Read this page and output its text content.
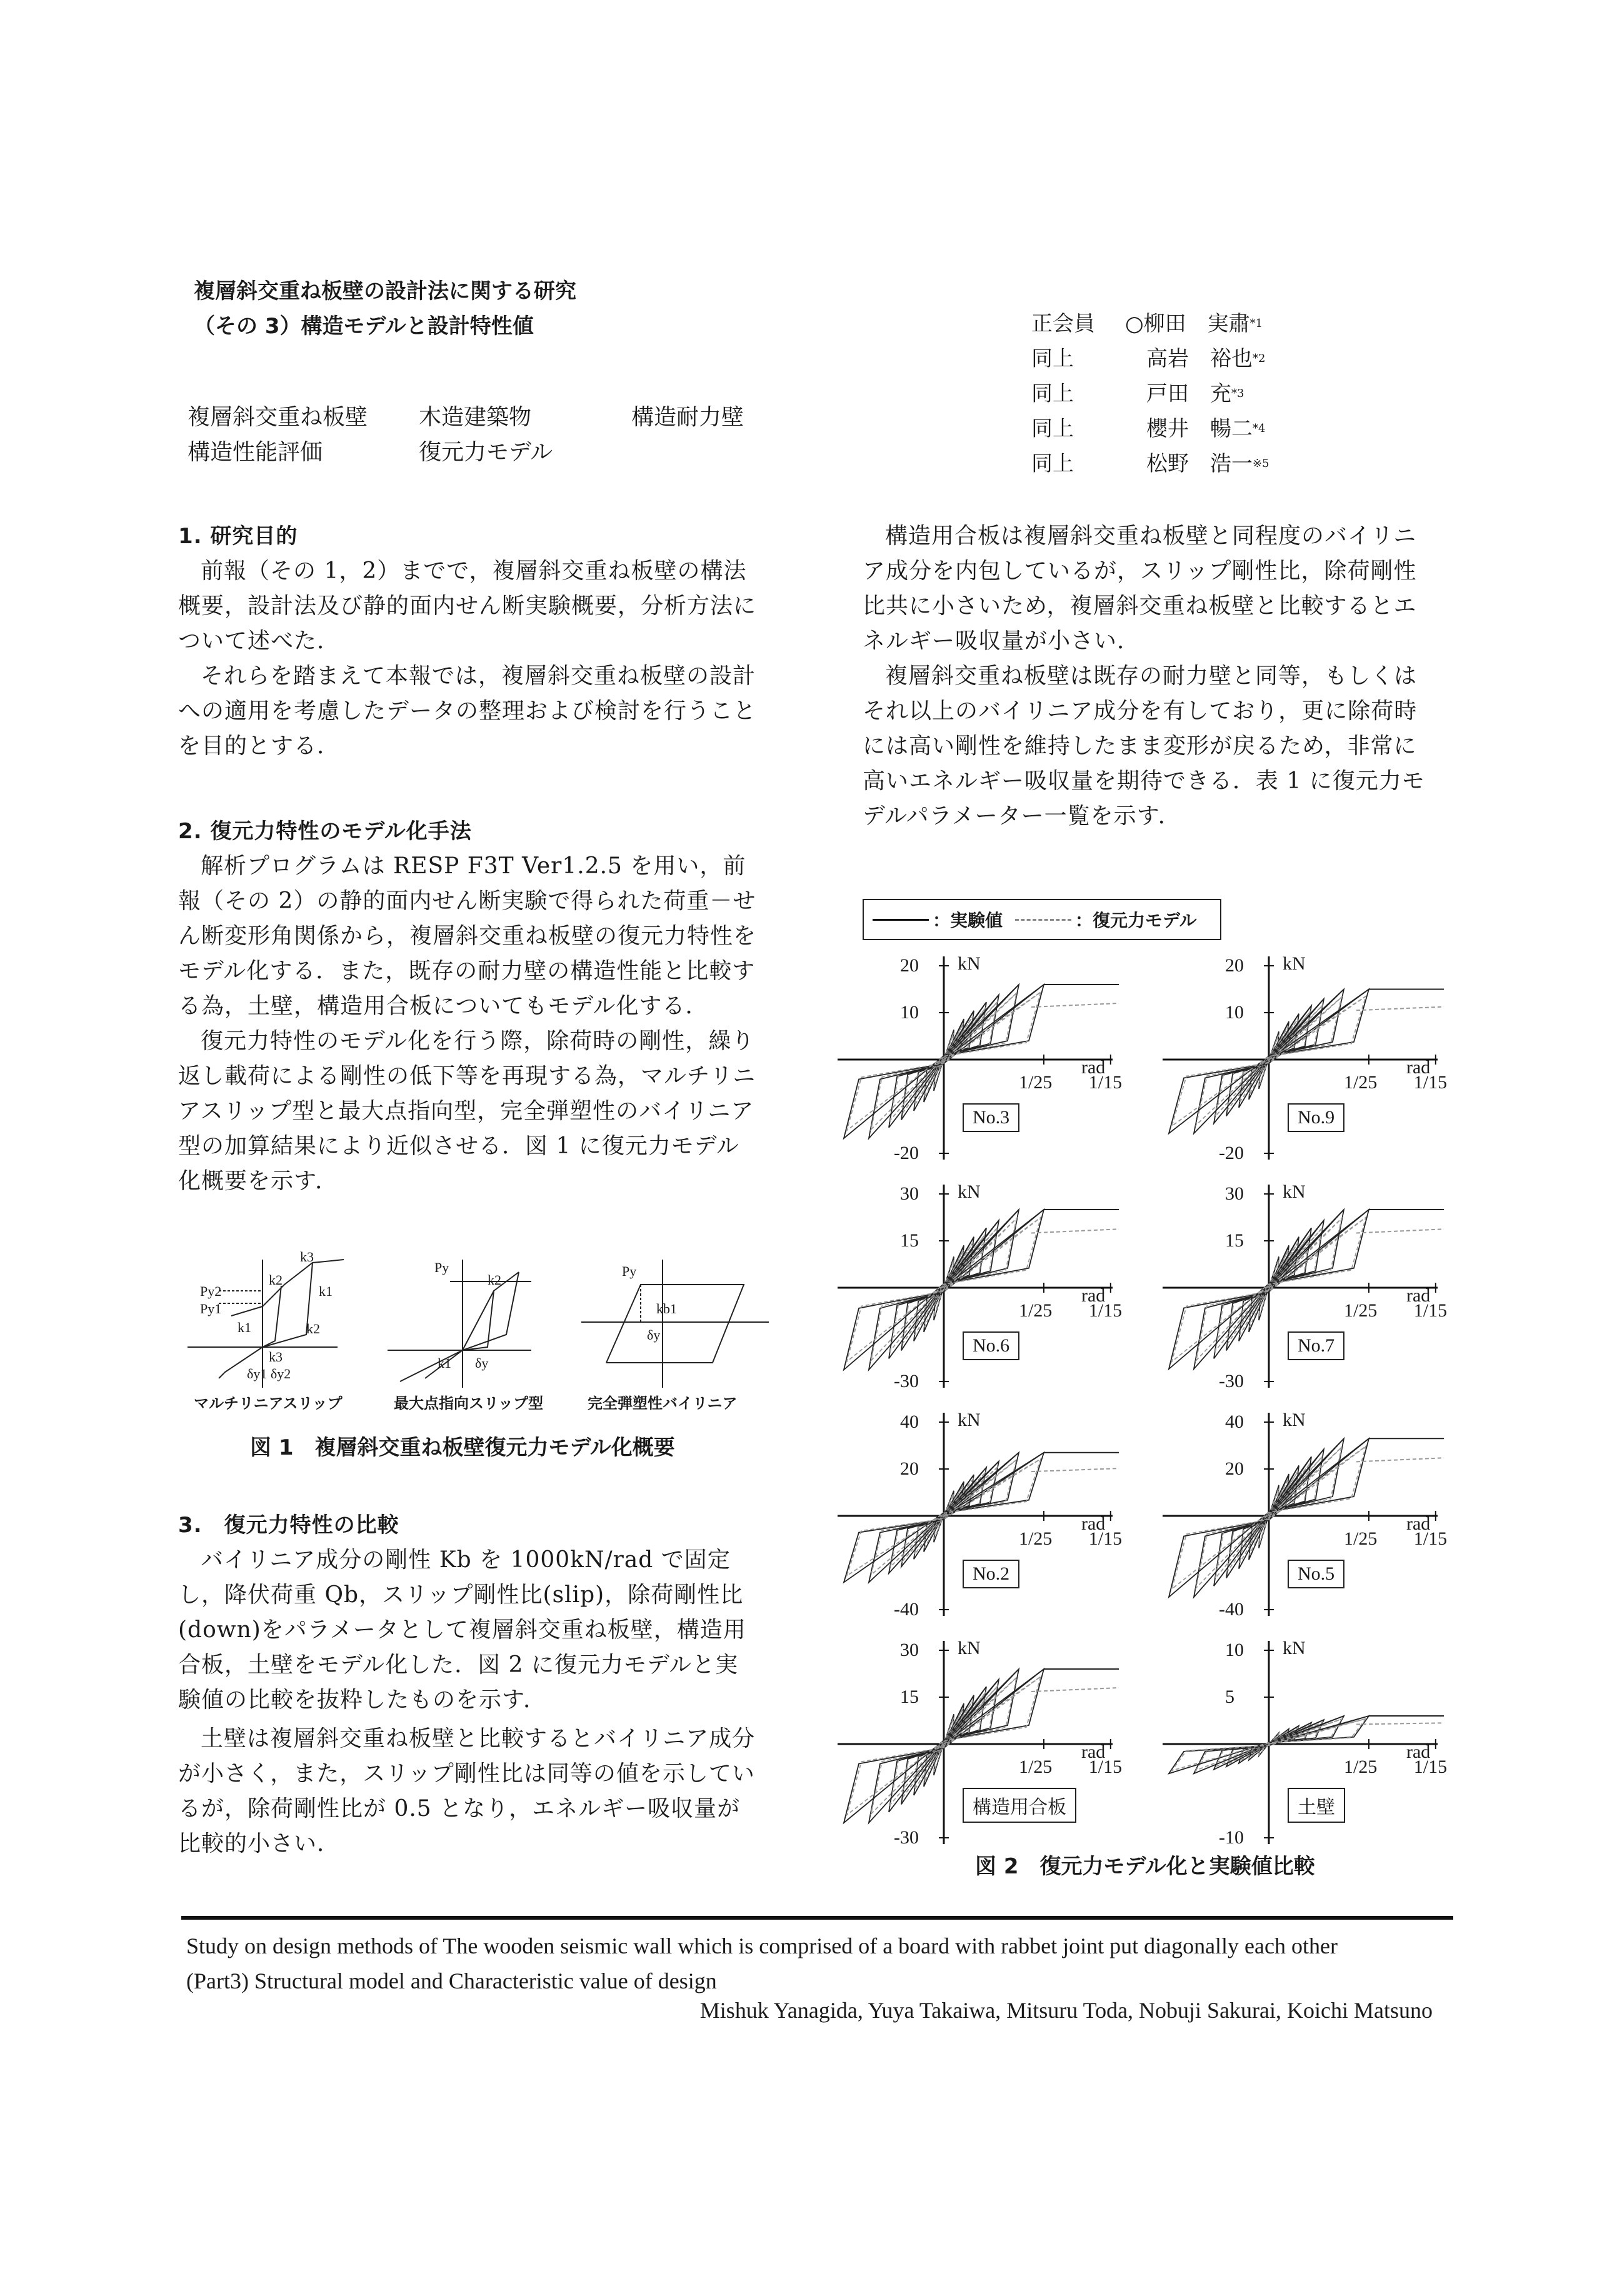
複層斜交重ね板壁の設計法に関する研究
（その 3）構造モデルと設計特性値	正会員	○柳田　実肅 *1
同上	高岩　裕也 *2
同上	戸田　充 *3
同上	櫻井　暢二 *4
同上	松野　浩一 ※5
複層斜交重ね板壁	木造建築物	構造耐力壁
構造性能評価	復元力モデル
1. 研究目的

前報（その 1，2）までで，複層斜交重ね板壁の構法概要，設計法及び静的面内せん断実験概要，分析方法について述べた．

それらを踏まえて本報では，複層斜交重ね板壁の設計への適用を考慮したデータの整理および検討を行うことを目的とする．

2. 復元力特性のモデル化手法

解析プログラムは RESP F3T Ver1.2.5 を用い，前報（その 2）の静的面内せん断実験で得られた荷重－せん断変形角関係から，複層斜交重ね板壁の復元力特性をモデル化する．また，既存の耐力壁の構造性能と比較する為，土壁，構造用合板についてもモデル化する．

復元力特性のモデル化を行う際，除荷時の剛性，繰り返し載荷による剛性の低下等を再現する為，マルチリニアスリップ型と最大点指向型，完全弾塑性のバイリニア型の加算結果により近似させる．図 1 に復元力モデル化概要を示す．

Py2
Py1
k3
k2
k1
k1	k2
k3
δy1 δy2
Py
k2
k1 δy
Py
kb1
δy
マルチリニアスリップ	最大点指向スリップ型	完全弾塑性バイリニア
図 1　複層斜交重ね板壁復元力モデル化概要
3.　復元力特性の比較

バイリニア成分の剛性 Kb を 1000kN/rad で固定し，降伏荷重 Qb，スリップ剛性比(slip)，除荷剛性比(down)をパラメータとして複層斜交重ね板壁，構造用合板，土壁をモデル化した．図 2 に復元力モデルと実験値の比較を抜粋したものを示す．

土壁は複層斜交重ね板壁と比較するとバイリニア成分が小さく，また，スリップ剛性比は同等の値を示しているが，除荷剛性比が 0.5 となり，エネルギー吸収量が比較的小さい．

構造用合板は複層斜交重ね板壁と同程度のバイリニア成分を内包しているが，スリップ剛性比，除荷剛性比共に小さいため，複層斜交重ね板壁と比較するとエネルギー吸収量が小さい．

複層斜交重ね板壁は既存の耐力壁と同等，もしくはそれ以上のバイリニア成分を有しており，更に除荷時には高い剛性を維持したまま変形が戻るため，非常に高いエネルギー吸収量を期待できる．表 1 に復元力モデルパラメーター一覧を示す．

：実験値	：復元力モデル
20
10
-20
kN
1/25 1/15
rad
No.3
20
10
-20
kN
1/25 1/15
rad
No.9
30
15
-30
kN
1/25 1/15
rad
No.6
30
15
-30
kN
1/25 1/15
rad
No.7
40
20
-40
kN
1/25 1/15
rad
No.2
40
20
-40
kN
1/25 1/15
rad
No.5
30
15
-30
kN
1/25 1/15
rad
構造用合板
10
5
-10
kN
1/25 1/15
rad
土壁
図 2　復元力モデル化と実験値比較
Study on design methods of The wooden seismic wall which is comprised of a board with rabbet joint put diagonally each other
(Part3) Structural model and Characteristic value of design
Mishuk Yanagida, Yuya Takaiwa, Mitsuru Toda, Nobuji Sakurai, Koichi Matsuno
